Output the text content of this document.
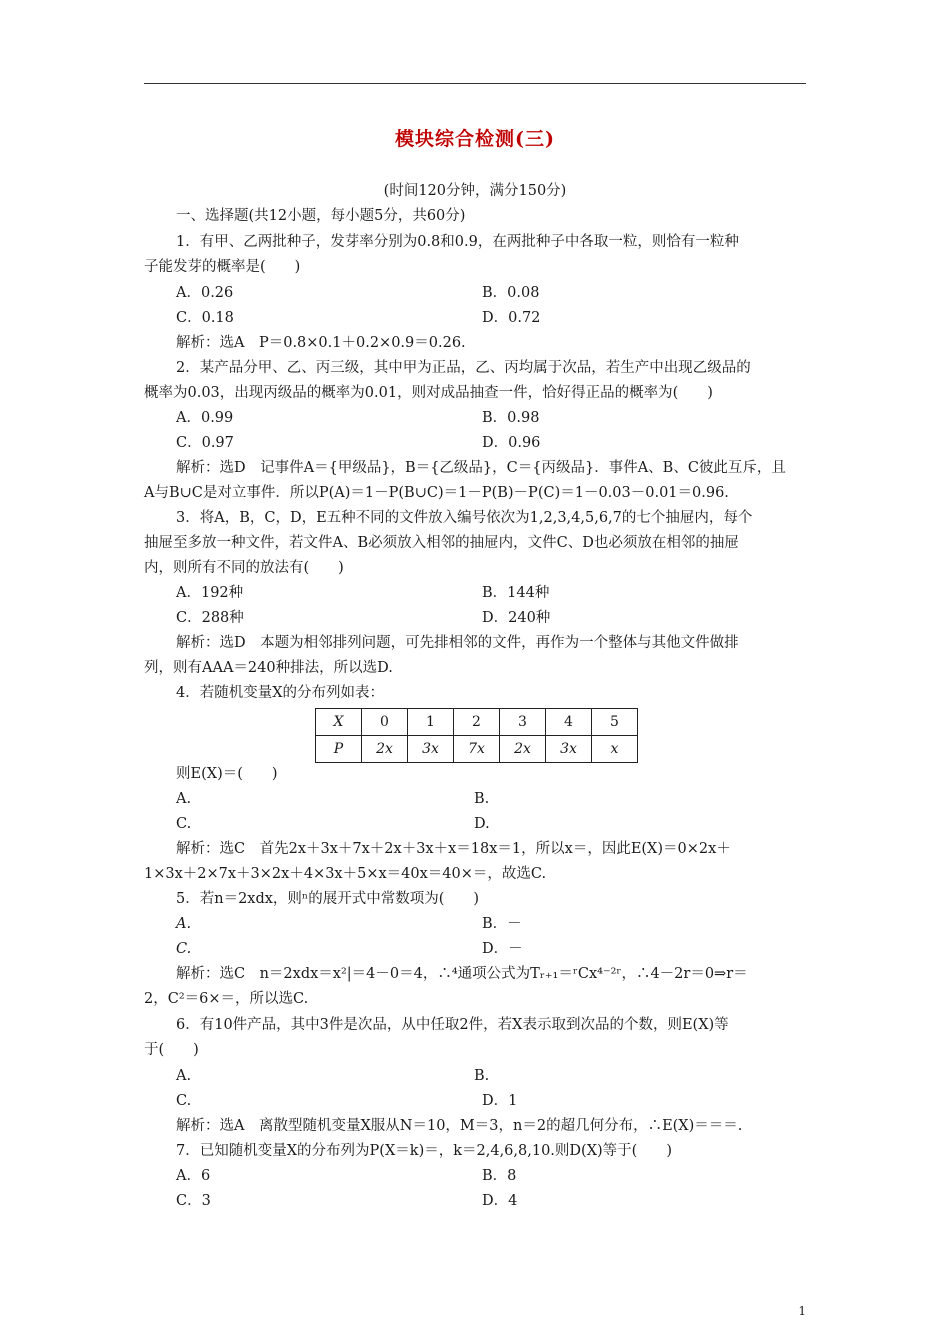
模块综合检测(三)
(时间120分钟，满分150分)
一、选择题(共12小题，每小题5分，共60分)
1．有甲、乙两批种子，发芽率分别为0.8和0.9，在两批种子中各取一粒，则恰有一粒种
子能发芽的概率是(　　)
A．0.26	B．0.08
C．0.18	D．0.72
解析：选A　P＝0.8×0.1＋0.2×0.9＝0.26.
2．某产品分甲、乙、丙三级，其中甲为正品，乙、丙均属于次品，若生产中出现乙级品的
概率为0.03，出现丙级品的概率为0.01，则对成品抽查一件，恰好得正品的概率为(　　)
A．0.99	B．0.98
C．0.97	D．0.96
解析：选D　记事件A＝{甲级品}，B＝{乙级品}，C＝{丙级品}．事件A、B、C彼此互斥，且
A与B∪C是对立事件．所以P(A)＝1－P(B∪C)＝1－P(B)－P(C)＝1－0.03－0.01＝0.96.
3．将A，B，C，D，E五种不同的文件放入编号依次为1,2,3,4,5,6,7的七个抽屉内，每个
抽屉至多放一种文件，若文件A、B必须放入相邻的抽屉内，文件C、D也必须放在相邻的抽屉
内，则所有不同的放法有(　　)
A．192种	B．144种
C．288种	D．240种
解析：选D　本题为相邻排列问题，可先排相邻的文件，再作为一个整体与其他文件做排
列，则有AAA＝240种排法，所以选D.
4．若随机变量X的分布列如表：
X	0	1	2	3	4	5
P	2x	3x	7x	2x	3x	x
则E(X)＝(　　)
A.	B.
C.	D.
解析：选C　首先2x＋3x＋7x＋2x＋3x＋x＝18x＝1，所以x＝，因此E(X)＝0×2x＋
1×3x＋2×7x＋3×2x＋4×3x＋5×x＝40x＝40×＝，故选C.
5．若n＝2xdx，则ⁿ的展开式中常数项为(　　)
A.	B．－
C.	D．－
解析：选C　n＝2xdx＝x²|＝4－0＝4，∴⁴通项公式为Tᵣ₊₁＝ʳCx⁴⁻²ʳ，∴4－2r＝0⇒r＝
2，C²＝6×＝，所以选C.
6．有10件产品，其中3件是次品，从中任取2件，若X表示取到次品的个数，则E(X)等
于(　　)
A.	B.
C.	D．1
解析：选A　离散型随机变量X服从N＝10，M＝3，n＝2的超几何分布，∴E(X)＝＝＝.
7．已知随机变量X的分布列为P(X＝k)＝，k＝2,4,6,8,10.则D(X)等于(　　)
A．6	B．8
C．3	D．4
1
